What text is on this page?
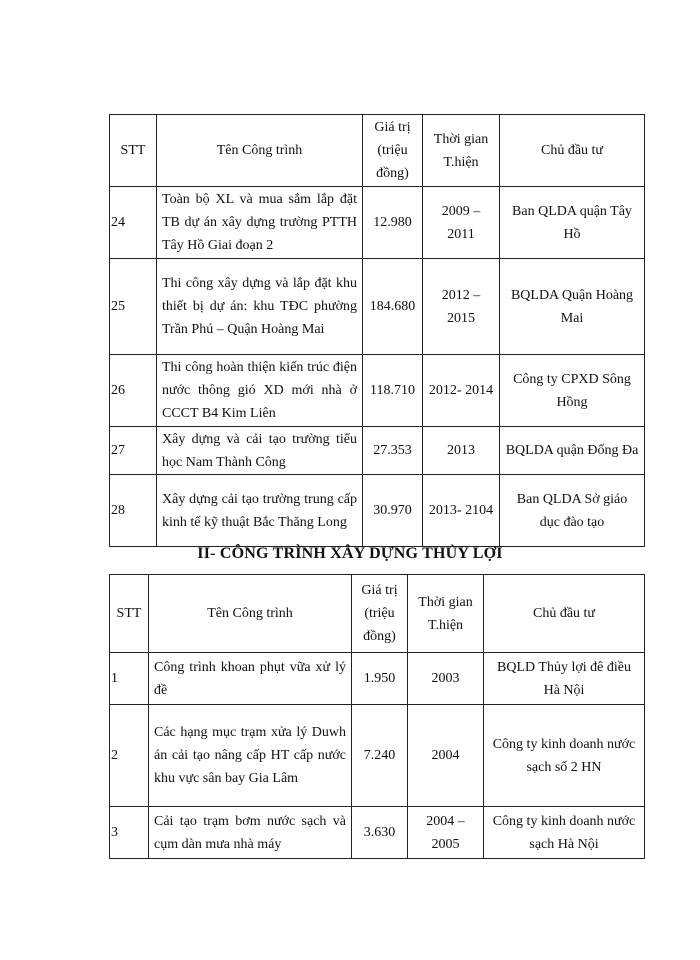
STT	Tên Công trình	Giá trị (triệu đồng)	Thời gian T.hiện	Chủ đầu tư
24	Toàn bộ XL và mua sắm lắp đặt TB dự án xây dựng trường PTTH Tây Hồ Giai đoạn 2	12.980	2009 – 2011	Ban QLDA quận Tây Hồ
25	Thi công xây dựng và lắp đặt khu thiết bị dự án: khu TĐC phường Trần Phú – Quận Hoàng Mai	184.680	2012 – 2015	BQLDA Quận Hoàng Mai
26	Thi công hoàn thiện kiến trúc điện nước thông gió XD mới nhà ở CCCT B4 Kim Liên	118.710	2012- 2014	Công ty CPXD Sông Hồng
27	Xây dựng và cải tạo trường tiểu học Nam Thành Công	27.353	2013	BQLDA quận Đống Đa
28	Xây dựng cải tạo trường trung cấp kinh tế kỹ thuật Bắc Thăng Long	30.970	2013- 2104	Ban QLDA Sở giáo dục đào tạo
II- CÔNG TRÌNH XÂY DỰNG THỦY LỢI
STT	Tên Công trình	Giá trị (triệu đồng)	Thời gian T.hiện	Chủ đầu tư
1	Công trình khoan phụt vữa xử lý đề	1.950	2003	BQLD Thủy lợi đê điều Hà Nội
2	Các hạng mục trạm xửa lý Duwh án cải tạo nâng cấp HT cấp nước khu vực sân bay Gia Lâm	7.240	2004	Công ty kinh doanh nước sạch số 2 HN
3	Cải tạo trạm bơm nước sạch và cụm dàn mưa nhà máy	3.630	2004 – 2005	Công ty kinh doanh nước sạch Hà Nội
